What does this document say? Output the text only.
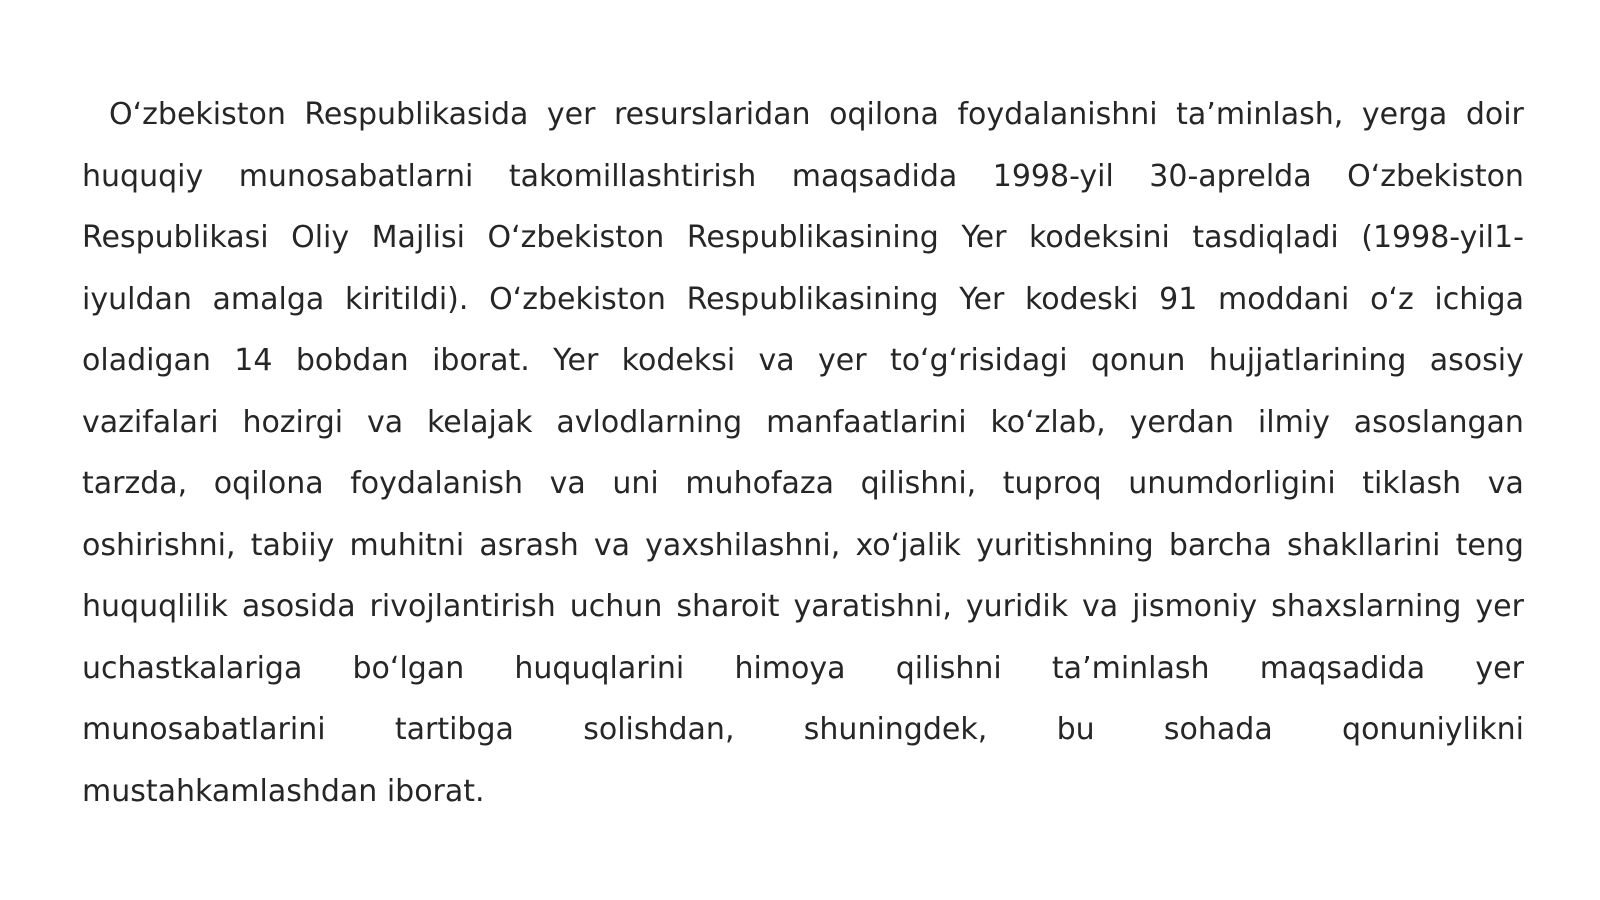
O‘zbekiston Respublikasida yer resurslaridan oqilona foydalanishni ta’minlash, yerga doir
huquqiy munosabatlarni takomillashtirish maqsadida 1998-yil 30-aprelda O‘zbekiston
Respublikasi Oliy Majlisi O‘zbekiston Respublikasining Yer kodeksini tasdiqladi (1998-yil1-
iyuldan amalga kiritildi). O‘zbekiston Respublikasining Yer kodeski 91 moddani o‘z ichiga
oladigan 14 bobdan iborat. Yer kodeksi va yer to‘g‘risidagi qonun hujjatlarining asosiy
vazifalari hozirgi va kelajak avlodlarning manfaatlarini ko‘zlab, yerdan ilmiy asoslangan
tarzda, oqilona foydalanish va uni muhofaza qilishni, tuproq unumdorligini tiklash va
oshirishni, tabiiy muhitni asrash va yaxshilashni, xo‘jalik yuritishning barcha shakllarini teng
huquqlilik asosida rivojlantirish uchun sharoit yaratishni, yuridik va jismoniy shaxslarning yer
uchastkalariga bo‘lgan huquqlarini himoya qilishni ta’minlash maqsadida yer
munosabatlarini tartibga solishdan, shuningdek, bu sohada qonuniylikni
mustahkamlashdan iborat.
